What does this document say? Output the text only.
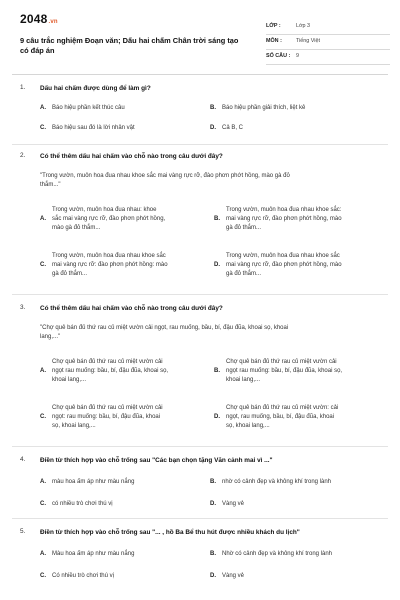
2048.vn
9 câu trắc nghiệm Đoạn văn; Dấu hai chấm Chân trời sáng tạo có đáp án
LỚP :	Lớp 3
MÔN :	Tiếng Việt
SỐ CÂU : 9
1. Dấu hai chấm được dùng để làm gì?
A. Báo hiệu phần kết thúc câu	B. Báo hiệu phần giải thích, liệt kê
C. Báo hiệu sau đó là lời nhân vật	D. Cả B, C
2. Có thể thêm dấu hai chấm vào chỗ nào trong câu dưới đây?
"Trong vườn, muôn hoa đua nhau khoe sắc mai vàng rực rỡ, đào phơn phớt hồng, mào gà đỏ
thắm..."
A.
Trong vườn, muôn hoa đua nhau: khoe
sắc mai vàng rực rỡ, đào phơn phớt hồng,
mào gà đỏ thắm...
B.
Trong vườn, muôn hoa đua nhau khoe sắc:
mai vàng rực rỡ, đào phơn phớt hồng, mào
gà đỏ thắm...
C.
Trong vườn, muôn hoa đua nhau khoe sắc
mai vàng rực rỡ: đào phơn phớt hồng: mào
gà đỏ thắm...
D.
Trong vườn, muôn hoa đua nhau khoe sắc
mai vàng rực rỡ, đào phơn phớt hồng, mào
gà đỏ thắm...
3. Có thể thêm dấu hai chấm vào chỗ nào trong câu dưới đây?
"Chợ quê bán đủ thứ rau củ miệt vườn cải ngọt, rau muống, bầu, bí, đậu đũa, khoai sọ, khoai
lang,..."
A.
Chợ quê bán đủ thứ rau củ miệt vườn cải
ngọt rau muống: bầu, bí, đậu đũa, khoai sọ,
khoai lang,...
B.
Chợ quê bán đủ thứ rau củ miệt vườn cải
ngọt rau muống: bầu, bí, đậu đũa, khoai sọ,
khoai lang,...
C.
Chợ quê bán đủ thứ rau củ miệt vườn cải
ngọt: rau muống: bầu, bí, đậu đũa, khoai
sọ, khoai lang,...
D.
Chợ quê bán đủ thứ rau củ miệt vườn: cải
ngọt, rau muống, bầu, bí, đậu đũa, khoai
sọ, khoai lang,...
4. Điền từ thích hợp vào chỗ trống sau "Các bạn chọn tặng Văn cảnh mai vì ..."
A. màu hoa ấm áp như màu nắng	B. nhờ có cảnh đẹp và không khí trong lành
C. có nhiều trò chơi thú vị	D. Vàng vẻ
5. Điền từ thích hợp vào chỗ trống sau "... , hồ Ba Bể thu hút được nhiều khách du lịch"
A. Màu hoa ấm áp như màu nắng	B. Nhờ có cảnh đẹp và không khí trong lành
C. Có nhiều trò chơi thú vị	D. Vàng vẻ
